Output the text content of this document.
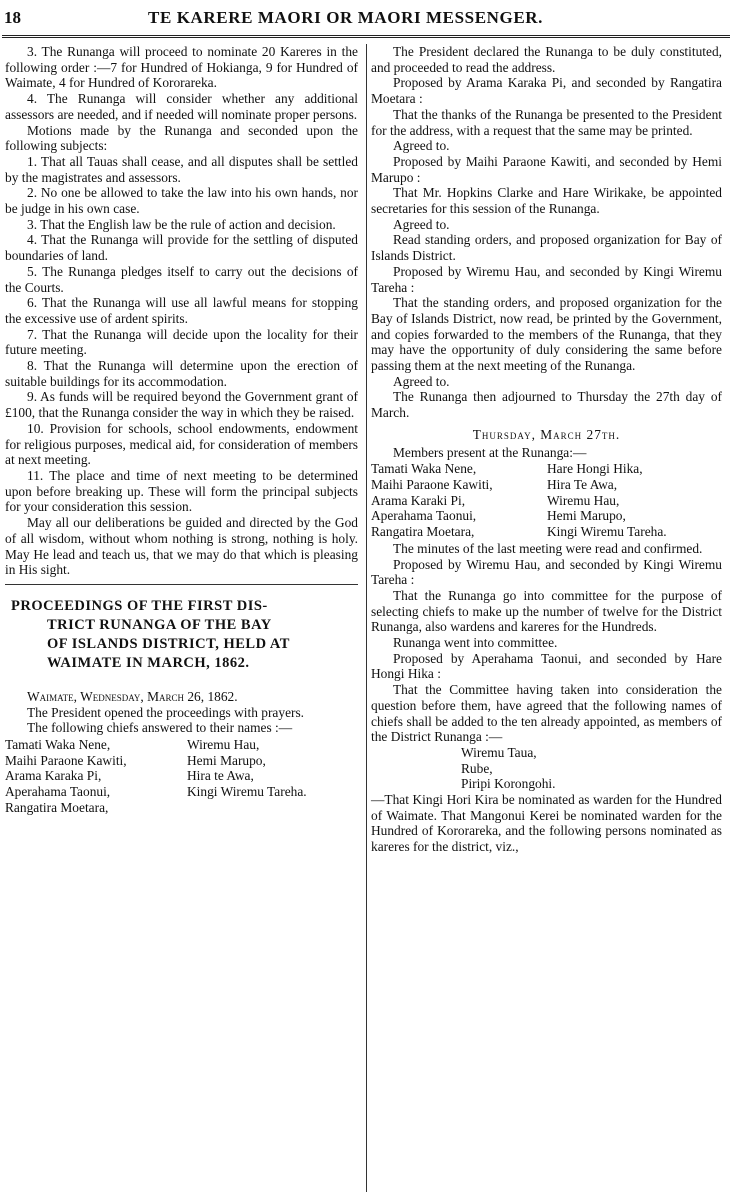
18	TE KARERE MAORI OR MAORI MESSENGER.

3. The Runanga will proceed to nominate 20 Kareres in the following order :—7 for Hundred of Hokianga, 9 for Hundred of Waimate, 4 for Hundred of Kororareka.

4. The Runanga will consider whether any additional assessors are needed, and if needed will nominate proper persons.

Motions made by the Runanga and seconded upon the following subjects:

1. That all Tauas shall cease, and all disputes shall be settled by the magistrates and assessors.

2. No one be allowed to take the law into his own hands, nor be judge in his own case.

3. That the English law be the rule of action and decision.

4. That the Runanga will provide for the settling of disputed boundaries of land.

5. The Runanga pledges itself to carry out the decisions of the Courts.

6. That the Runanga will use all lawful means for stopping the excessive use of ardent spirits.

7. That the Runanga will decide upon the locality for their future meeting.

8. That the Runanga will determine upon the erection of suitable buildings for its accommodation.

9. As funds will be required beyond the Government grant of £100, that the Runanga consider the way in which they be raised.

10. Provision for schools, school endowments, endowment for religious purposes, medical aid, for consideration of members at next meeting.

11. The place and time of next meeting to be determined upon before breaking up. These will form the principal subjects for your consideration this session.

May all our deliberations be guided and directed by the God of all wisdom, without whom nothing is strong, nothing is holy. May He lead and teach us, that we may do that which is pleasing in His sight.

PROCEEDINGS OF THE FIRST DIS-
TRICT RUNANGA OF THE BAY
OF ISLANDS DISTRICT, HELD AT
WAIMATE IN MARCH, 1862.

Waimate, Wednesday, March 26, 1862.

The President opened the proceedings with prayers.

The following chiefs answered to their names :—

Tamati Waka Nene,	Wiremu Hau,
Maihi Paraone Kawiti,	Hemi Marupo,
Arama Karaka Pi,	Hira te Awa,
Aperahama Taonui,	Kingi Wiremu Tareha.
Rangatira Moetara,	

The President declared the Runanga to be duly constituted, and proceeded to read the address.

Proposed by Arama Karaka Pi, and seconded by Rangatira Moetara :

That the thanks of the Runanga be presented to the President for the address, with a request that the same may be printed.

Agreed to.

Proposed by Maihi Paraone Kawiti, and seconded by Hemi Marupo :

That Mr. Hopkins Clarke and Hare Wirikake, be appointed secretaries for this session of the Runanga.

Agreed to.

Read standing orders, and proposed organization for Bay of Islands District.

Proposed by Wiremu Hau, and seconded by Kingi Wiremu Tareha :

That the standing orders, and proposed organization for the Bay of Islands District, now read, be printed by the Government, and copies forwarded to the members of the Runanga, that they may have the opportunity of duly considering the same before passing them at the next meeting of the Runanga.

Agreed to.

The Runanga then adjourned to Thursday the 27th day of March.

Thursday, March 27th.

Members present at the Runanga:—

Tamati Waka Nene,	Hare Hongi Hika,
Maihi Paraone Kawiti,	Hira Te Awa,
Arama Karaki Pi,	Wiremu Hau,
Aperahama Taonui,	Hemi Marupo,
Rangatira Moetara,	Kingi Wiremu Tareha.

The minutes of the last meeting were read and confirmed.

Proposed by Wiremu Hau, and seconded by Kingi Wiremu Tareha :

That the Runanga go into committee for the purpose of selecting chiefs to make up the number of twelve for the District Runanga, also wardens and kareres for the Hundreds.

Runanga went into committee.

Proposed by Aperahama Taonui, and seconded by Hare Hongi Hika :

That the Committee having taken into consideration the question before them, have agreed that the following names of chiefs shall be added to the ten already appointed, as members of the District Runanga :—

Wiremu Taua,
Rube,
Piripi Korongohi.

—That Kingi Hori Kira be nominated as warden for the Hundred of Waimate. That Mangonui Kerei be nominated warden for the Hundred of Kororareka, and the following persons nominated as kareres for the district, viz.,
